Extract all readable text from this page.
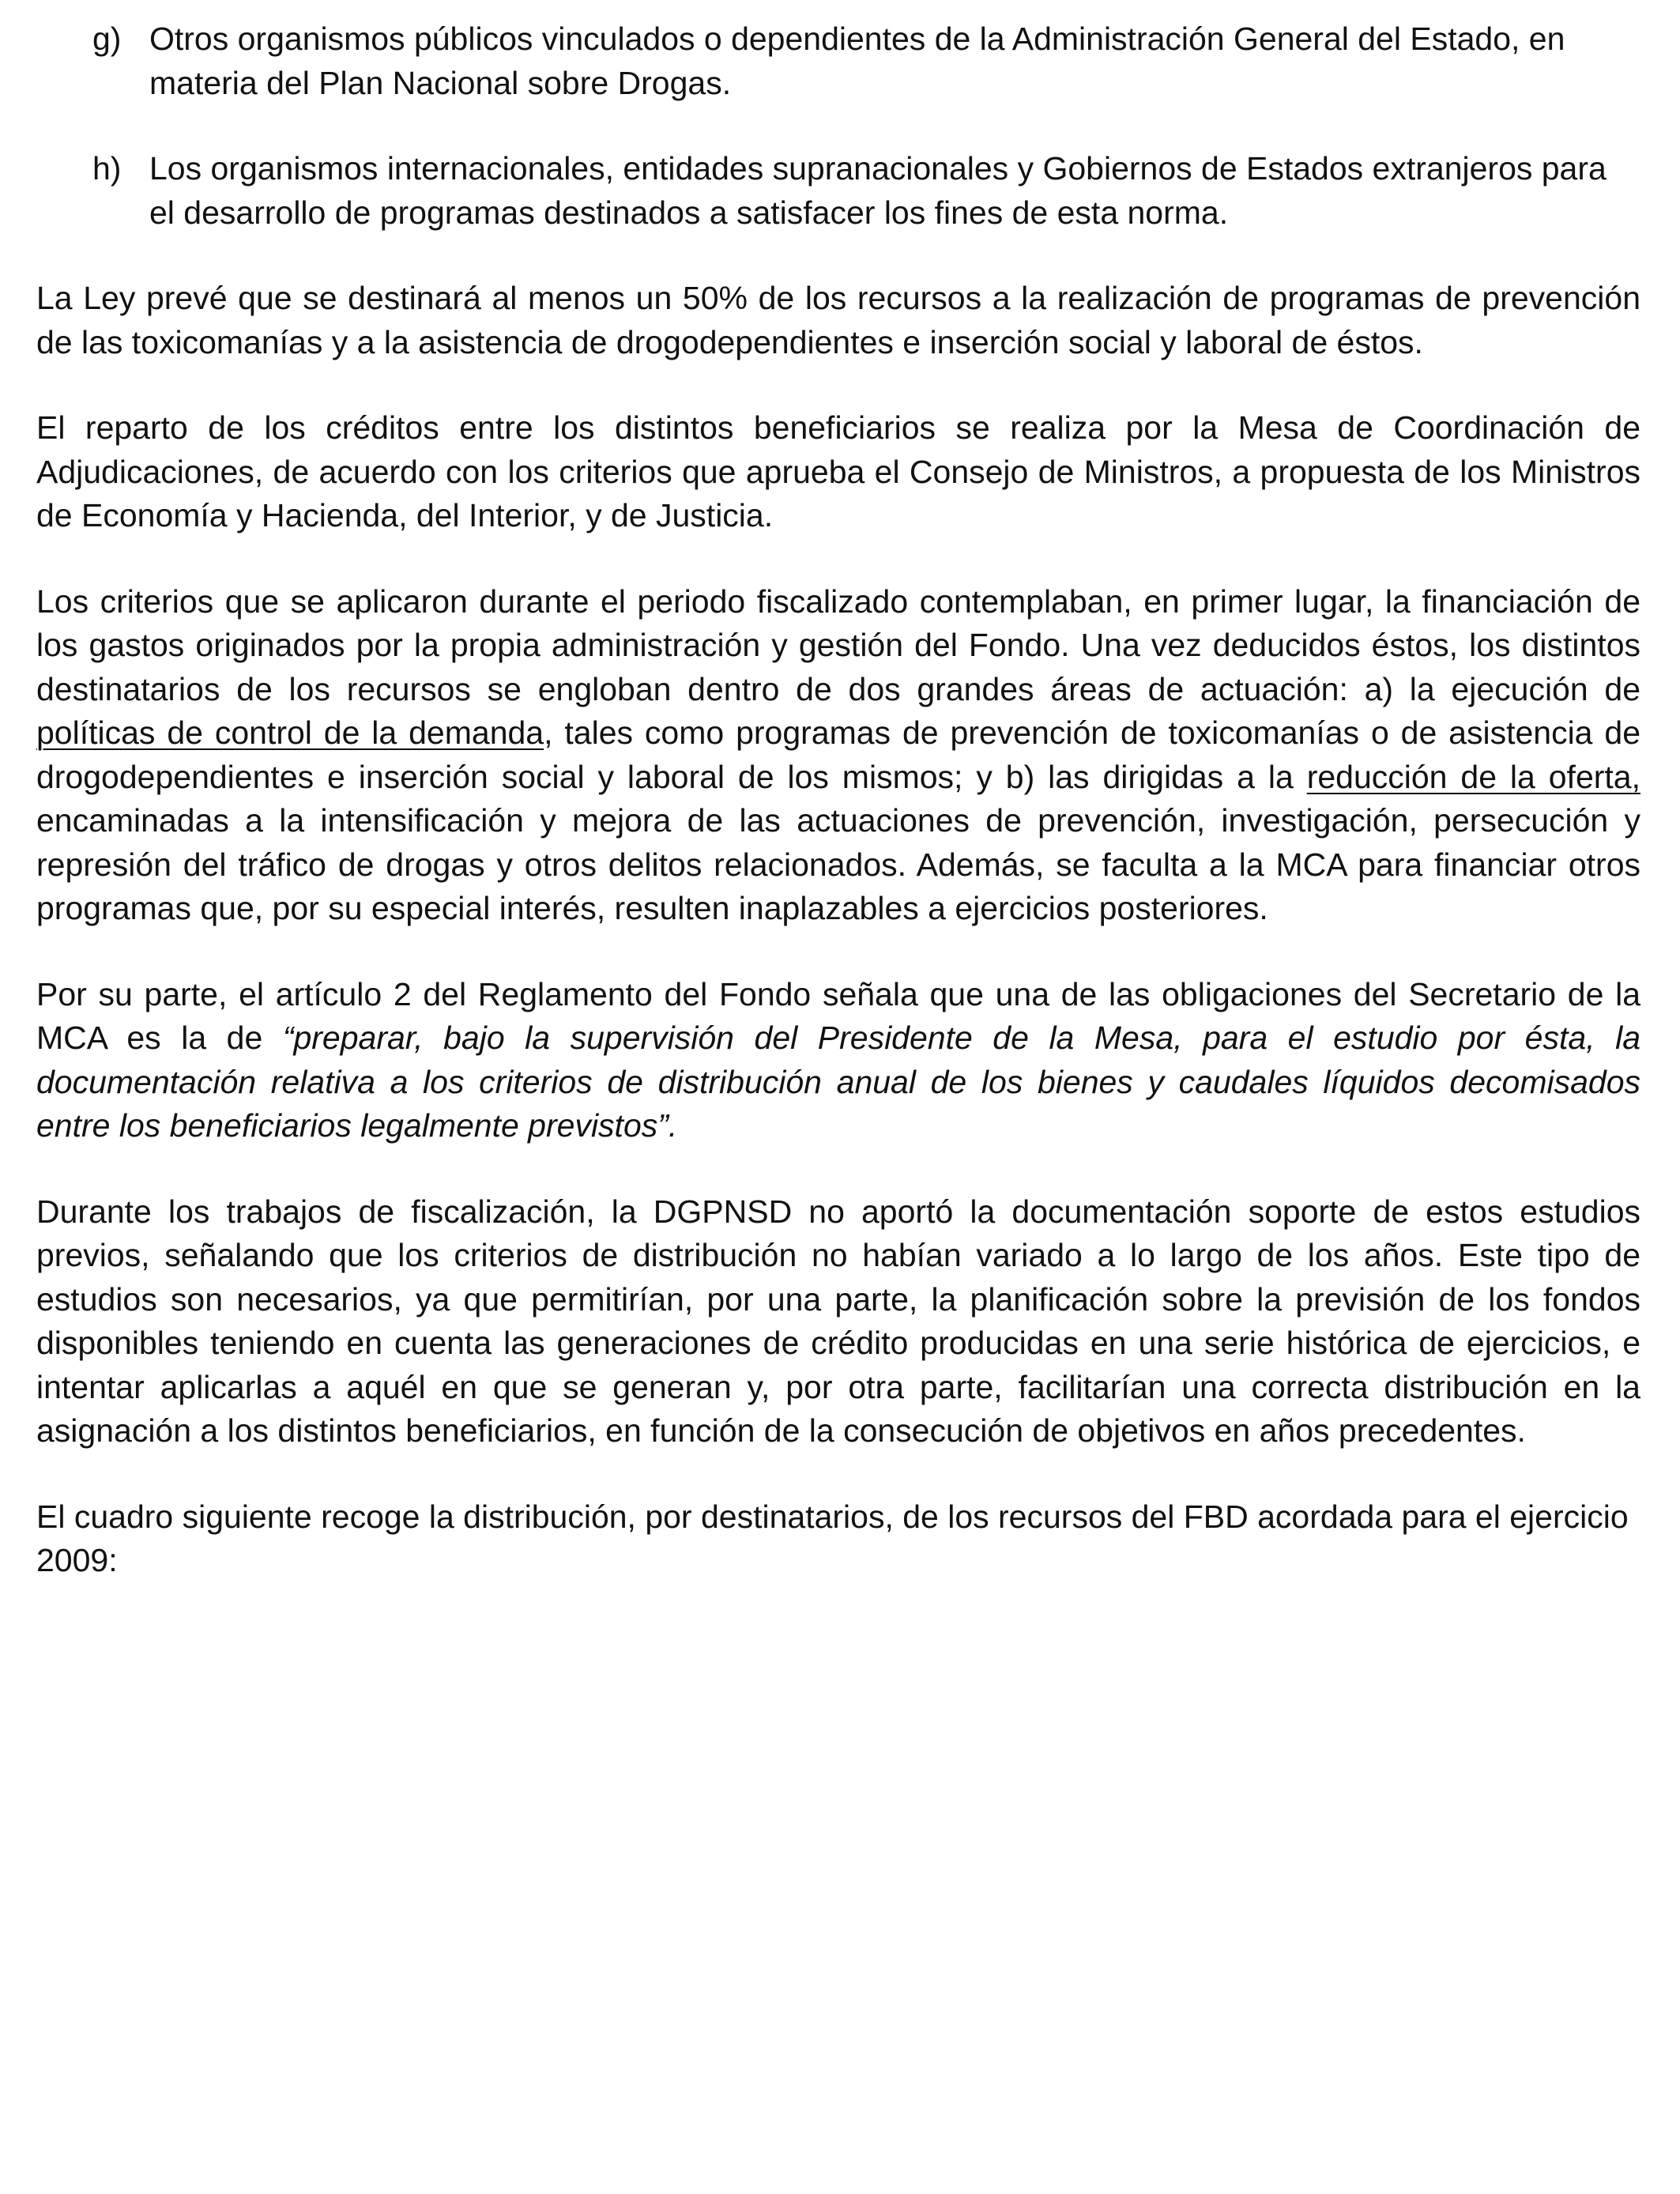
g) Otros organismos públicos vinculados o dependientes de la Administración General del Estado, en materia del Plan Nacional sobre Drogas.
h) Los organismos internacionales, entidades supranacionales y Gobiernos de Estados extranjeros para el desarrollo de programas destinados a satisfacer los fines de esta norma.

La Ley prevé que se destinará al menos un 50% de los recursos a la realización de programas de prevención de las toxicomanías y a la asistencia de drogodependientes e inserción social y laboral de éstos.

El reparto de los créditos entre los distintos beneficiarios se realiza por la Mesa de Coordinación de Adjudicaciones, de acuerdo con los criterios que aprueba el Consejo de Ministros, a propuesta de los Ministros de Economía y Hacienda, del Interior, y de Justicia.

Los criterios que se aplicaron durante el periodo fiscalizado contemplaban, en primer lugar, la financiación de los gastos originados por la propia administración y gestión del Fondo. Una vez deducidos éstos, los distintos destinatarios de los recursos se engloban dentro de dos grandes áreas de actuación: a) la ejecución de políticas de control de la demanda, tales como programas de prevención de toxicomanías o de asistencia de drogodependientes e inserción social y laboral de los mismos; y b) las dirigidas a la reducción de la oferta, encaminadas a la intensificación y mejora de las actuaciones de prevención, investigación, persecución y represión del tráfico de drogas y otros delitos relacionados. Además, se faculta a la MCA para financiar otros programas que, por su especial interés, resulten inaplazables a ejercicios posteriores.

Por su parte, el artículo 2 del Reglamento del Fondo señala que una de las obligaciones del Secretario de la MCA es la de “preparar, bajo la supervisión del Presidente de la Mesa, para el estudio por ésta, la documentación relativa a los criterios de distribución anual de los bienes y caudales líquidos decomisados entre los beneficiarios legalmente previstos”.

Durante los trabajos de fiscalización, la DGPNSD no aportó la documentación soporte de estos estudios previos, señalando que los criterios de distribución no habían variado a lo largo de los años. Este tipo de estudios son necesarios, ya que permitirían, por una parte, la planificación sobre la previsión de los fondos disponibles teniendo en cuenta las generaciones de crédito producidas en una serie histórica de ejercicios, e intentar aplicarlas a aquél en que se generan y, por otra parte, facilitarían una correcta distribución en la asignación a los distintos beneficiarios, en función de la consecución de objetivos en años precedentes.

El cuadro siguiente recoge la distribución, por destinatarios, de los recursos del FBD acordada para el ejercicio 2009:
